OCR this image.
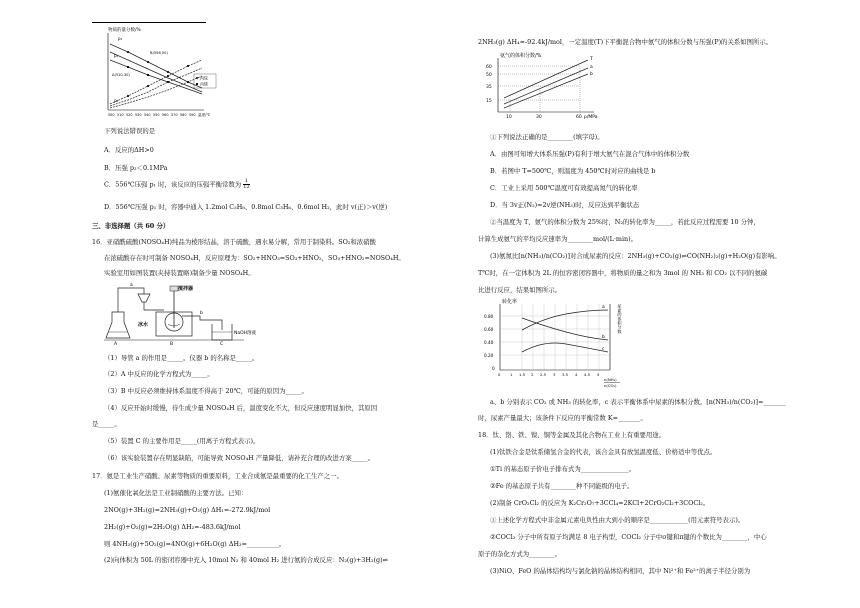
物质的量分数/%
B(556,50)
A(510,30)
p₁
p₂
p₃
丙烷
丙烯
500 510 520 530 540 550 560 570 580 590 温度/℃
下列说法错误的是
A．反应的ΔH>0
B．压强 p₂＜0.1MPa
C．556℃压强 p₁ 时，该反应的压强平衡常数为 $\frac{1}{12}$
D．556℃压强 p₁ 时，容器中通入 1.2mol C₃H₈、0.8mol C₃H₆、0.6mol H₂，此时 v(正)＞v(逆)
三、非选择题（共 60 分）
16．亚硝酰硫酸(NOSO₄H)纯品为棱形结晶，溶于硫酸，遇水易分解，常用于制染料。SO₂和浓硝酸
在浓硫酸存在时可制备 NOSO₄H，反应原理为：SO₂+HNO₃=SO₃+HNO₂，SO₃+HNO₂=NOSO₄H。
实验室用如图装置(夹持装置略)制备少量 NOSO₄H。
a
搅拌器
冰水
b
NaOH溶液
A	B	C
（1）导管 a 的作用是_____。仪器 b 的名称是_____。
（2）A 中反应的化学方程式为_____。
（3）B 中反应必须维持体系温度不得高于 20℃，可能的原因为_____。
（4）反应开始时缓慢，待生成少量 NOSO₄H 后，温度变化不大，但反应速度明显加快，其原因
是_____。
（5）装置 C 的主要作用是_____(用离子方程式表示)。
（6）该实验装置存在明显缺陷，可能导致 NOSO₄H 产量降低，请补充合理的改进方案_____。
17．氨是工业生产硝酸、尿素等物质的重要原料，工业合成氨是最重要的化工生产之一。
(1)氨催化氧化法是工业制硝酸的主要方法。已知：
2NO(g)+3H₂(g)=2NH₃(g)+O₂(g) ΔH₁=-272.9kJ/mol
2H₂(g)+O₂(g)=2H₂O(g) ΔH₂=-483.6kJ/mol
则 4NH₃(g)+5O₂(g)=4NO(g)+6H₂O(g) ΔH₃=__________。
(2)向体积为 50L 的密闭容器中充入 10mol N₂ 和 40mol H₂ 进行氨的合成反应：N₂(g)+3H₂(g)⇌
2NH₃(g) ΔH₄=-92.4kJ/mol，一定温度(T)下平衡混合物中氨气的体积分数与压强(P)的关系如图所示。
氨气的体积分数/%
60
50
35
15
T
a
b
10	30	60 p/MPa
①下列说法正确的是________(填字母)。
A．由图可知增大体系压强(P)有利于增大氨气在混合气体中的体积分数
B．若图中 T=500℃，则温度为 450℃时对应的曲线是 b
C．工业上采用 500℃温度可有效提高氮气的转化率
D．当 3v正(N₂)=2v逆(NH₃)时，反应达到平衡状态
②当温度为 T、氨气的体积分数为 25%时，N₂的转化率为_____，若此反应过程需要 10 分钟，
计算生成氨气的平均反应速率为________mol/(L·min)。
(3)氨氮比[n(NH₃)/n(CO₂)]对合成尿素的反应：2NH₃(g)+CO₂(g)⇌CO(NH₂)₂(g)+H₂O(g)有影响。
T℃时，在一定体积为 2L 的恒容密闭容器中，将物质的量之和为 3mol 的 NH₃ 和 CO₂ 以不同的氨碳
比进行反应，结果如图所示。
转化率
0.80
0.60
0.40
0.20
0
a
b
c
尿素的体积分数
0	1 1.5 2 2.5 3 3.5 4 4.5 5
n(NH₃)
n(CO₂)
a、b 分别表示 CO₂ 或 NH₃ 的转化率，c 表示平衡体系中尿素的体积分数。[n(NH₃)/n(CO₂)]=_______
时，尿素产量最大；该条件下反应的平衡常数 K=_______。
18．钛、铬、铁、镍、铜等金属及其化合物在工业上有重要用途。
(1)钛铁合金是钛系储氢合金的代表，该合金具有放氢温度低、价格适中等优点。
①Ti 的基态原子价电子排布式为_______________。
②Fe 的基态原子共有________种不同能级的电子。
(2)制备 CrO₂Cl₂ 的反应为 K₂Cr₂O₇+3CCl₄=2KCl+2CrO₂Cl₂+3COCl₂。
①上述化学方程式中非金属元素电负性由大到小的顺序是____________(用元素符号表示)。
②COCl₂ 分子中所有原子均满足 8 电子构型，COCl₂ 分子中σ键和π键的个数比为________，中心
原子的杂化方式为________。
(3)NiO、FeO 的晶体结构均与氯化钠的晶体结构相同，其中 Ni²⁺和 Fe²⁺的离子半径分别为
